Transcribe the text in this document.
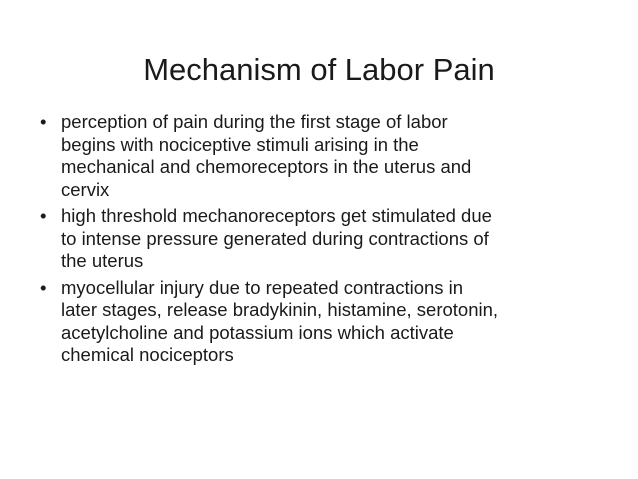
Mechanism of Labor Pain
• perception of pain during the first stage of labor
begins with nociceptive stimuli arising in the
mechanical and chemoreceptors in the uterus and
cervix
• high threshold mechanoreceptors get stimulated due
to intense pressure generated during contractions of
the uterus
• myocellular injury due to repeated contractions in
later stages, release bradykinin, histamine, serotonin,
acetylcholine and potassium ions which activate
chemical nociceptors
